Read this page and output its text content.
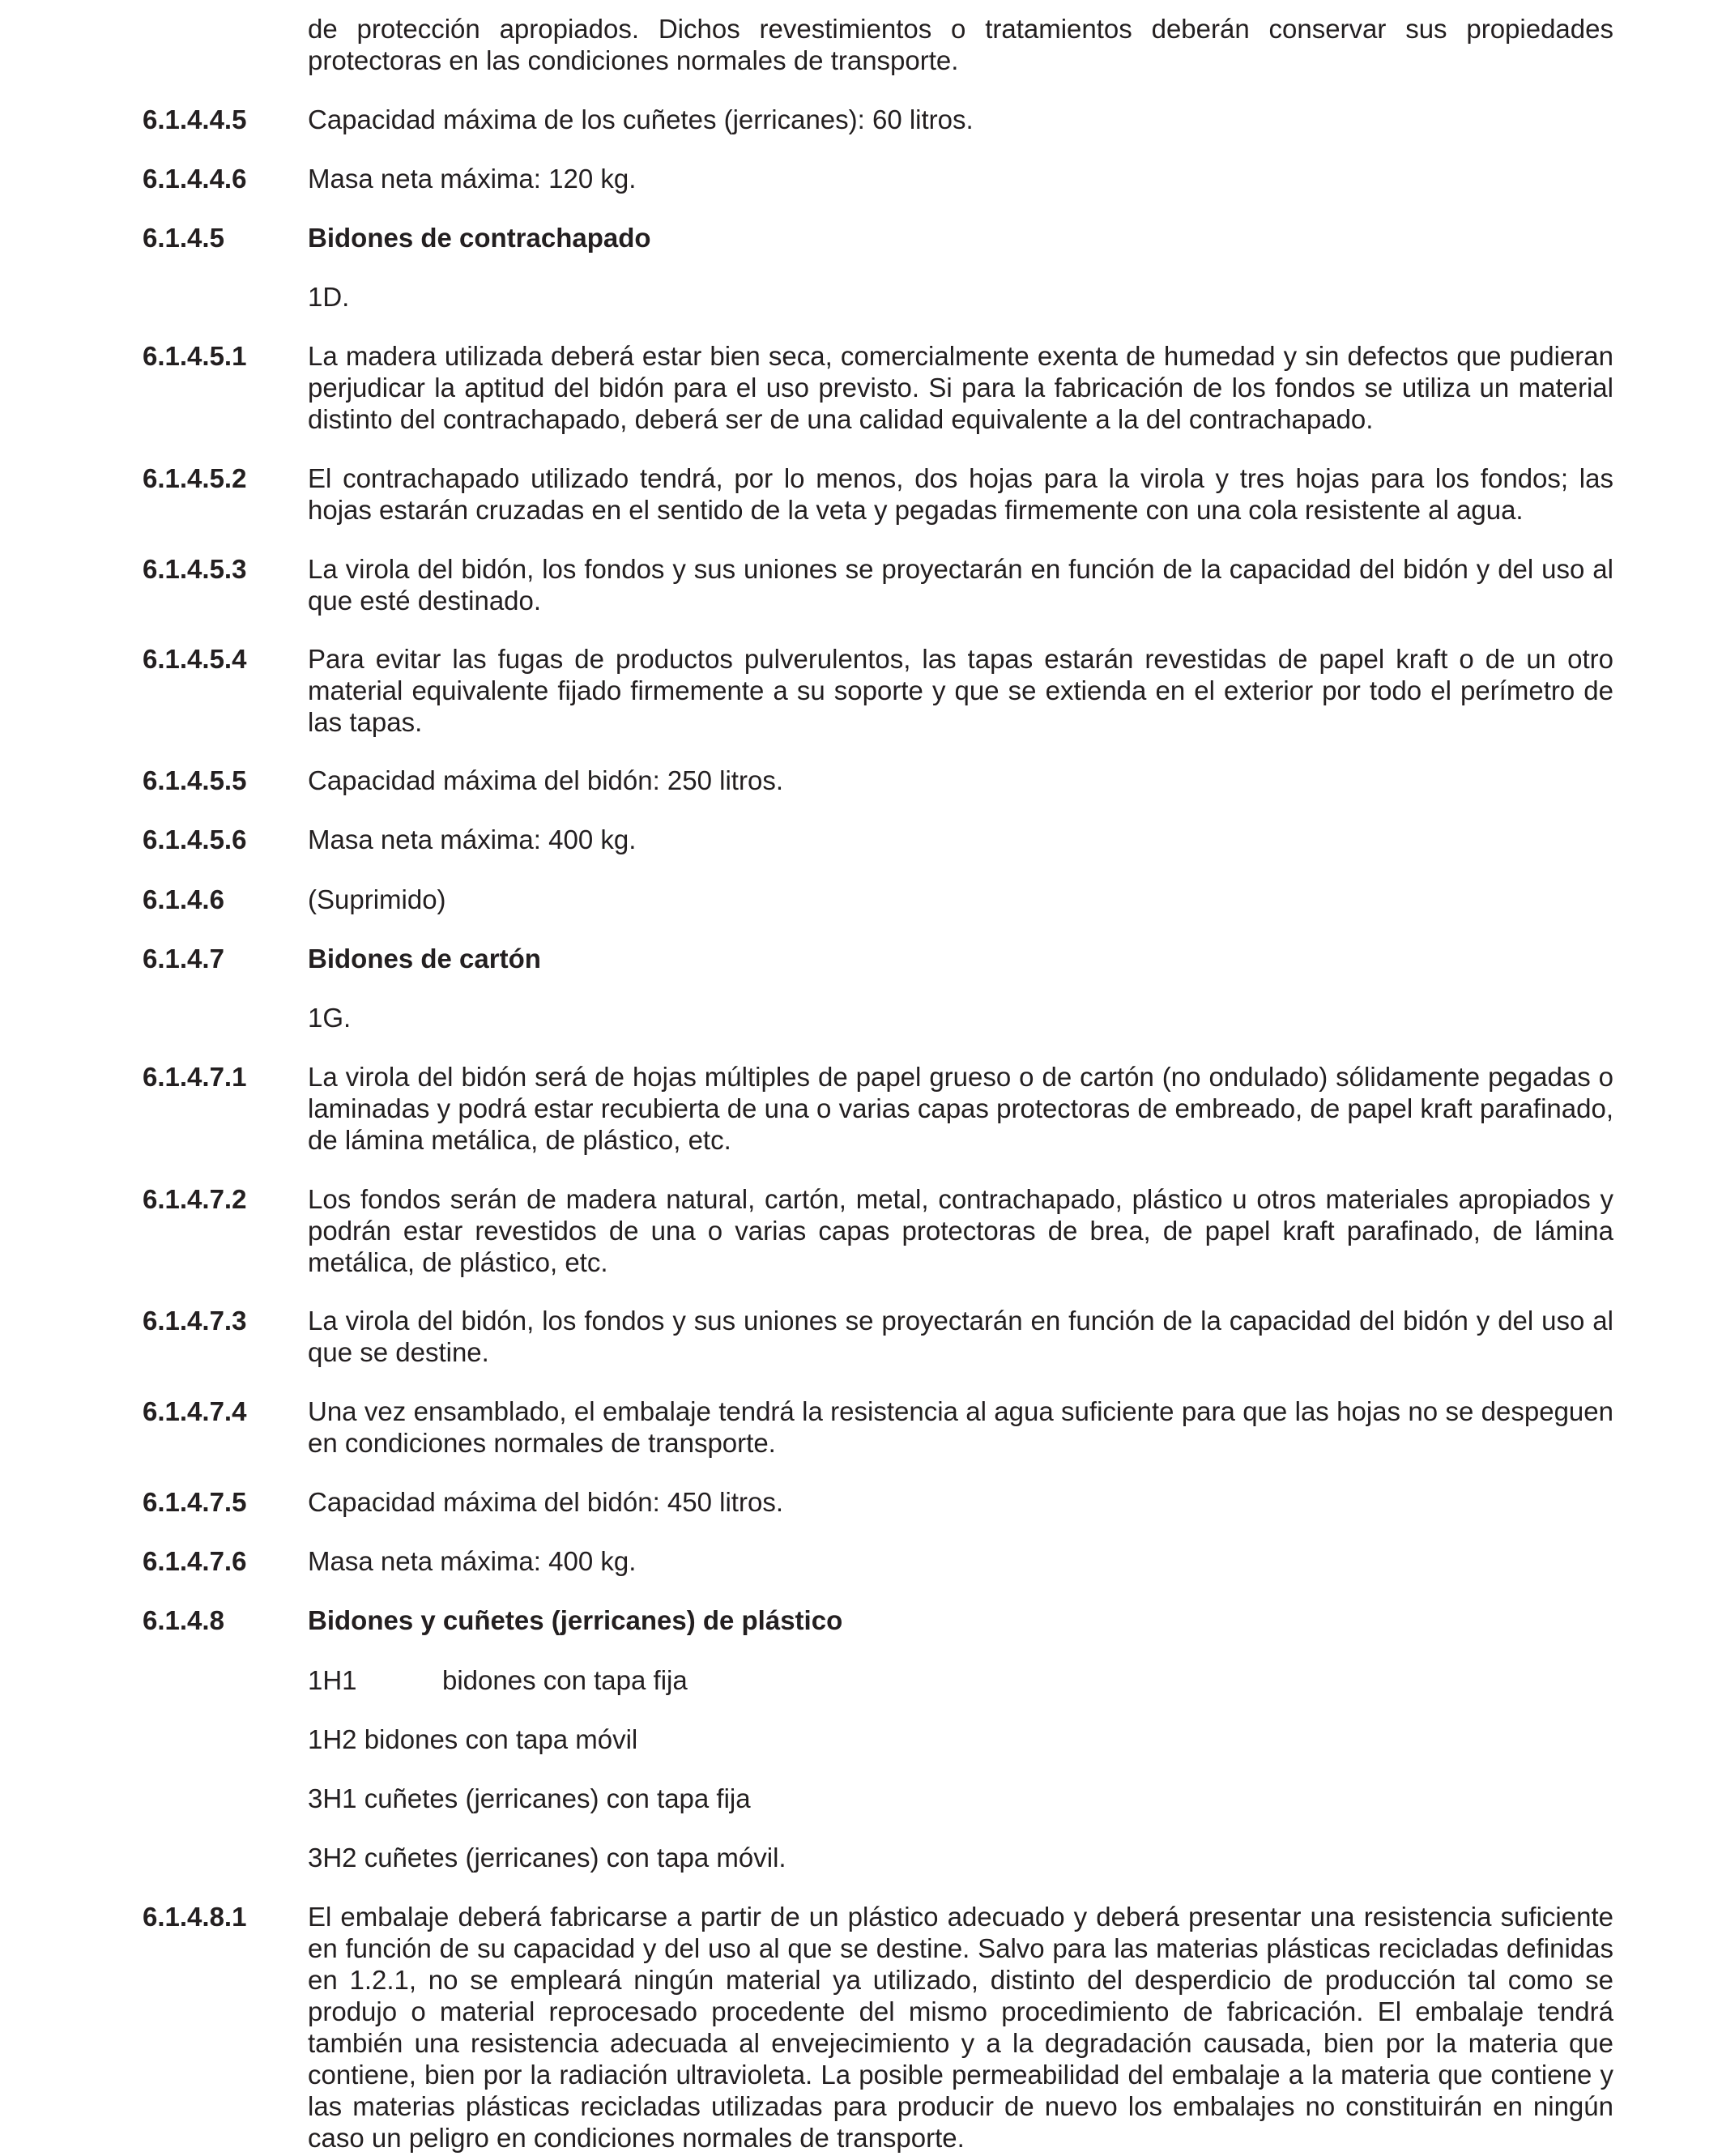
de protección apropiados. Dichos revestimientos o tratamientos deberán conservar sus propiedades protectoras en las condiciones normales de transporte.
6.1.4.4.5 Capacidad máxima de los cuñetes (jerricanes): 60 litros.
6.1.4.4.6 Masa neta máxima: 120 kg.
6.1.4.5	Bidones de contrachapado
1D.
6.1.4.5.1 La madera utilizada deberá estar bien seca, comercialmente exenta de humedad y sin defectos que pudieran perjudicar la aptitud del bidón para el uso previsto. Si para la fabricación de los fondos se utiliza un material distinto del contrachapado, deberá ser de una calidad equivalente a la del contrachapado.
6.1.4.5.2 El contrachapado utilizado tendrá, por lo menos, dos hojas para la virola y tres hojas para los fondos; las hojas estarán cruzadas en el sentido de la veta y pegadas firmemente con una cola resistente al agua.
6.1.4.5.3 La virola del bidón, los fondos y sus uniones se proyectarán en función de la capacidad del bidón y del uso al que esté destinado.
6.1.4.5.4 Para evitar las fugas de productos pulverulentos, las tapas estarán revestidas de papel kraft o de un otro material equivalente fijado firmemente a su soporte y que se extienda en el exterior por todo el perímetro de las tapas.
6.1.4.5.5 Capacidad máxima del bidón: 250 litros.
6.1.4.5.6 Masa neta máxima: 400 kg.
6.1.4.6	(Suprimido)
6.1.4.7	Bidones de cartón
1G.
6.1.4.7.1 La virola del bidón será de hojas múltiples de papel grueso o de cartón (no ondulado) sólidamente pegadas o laminadas y podrá estar recubierta de una o varias capas protectoras de embreado, de papel kraft parafinado, de lámina metálica, de plástico, etc.
6.1.4.7.2 Los fondos serán de madera natural, cartón, metal, contrachapado, plástico u otros materiales apropiados y podrán estar revestidos de una o varias capas protectoras de brea, de papel kraft parafinado, de lámina metálica, de plástico, etc.
6.1.4.7.3 La virola del bidón, los fondos y sus uniones se proyectarán en función de la capacidad del bidón y del uso al que se destine.
6.1.4.7.4 Una vez ensamblado, el embalaje tendrá la resistencia al agua suficiente para que las hojas no se despeguen en condiciones normales de transporte.
6.1.4.7.5 Capacidad máxima del bidón: 450 litros.
6.1.4.7.6 Masa neta máxima: 400 kg.
6.1.4.8	Bidones y cuñetes (jerricanes) de plástico
1H1	bidones con tapa fija
1H2 bidones con tapa móvil
3H1 cuñetes (jerricanes) con tapa fija
3H2 cuñetes (jerricanes) con tapa móvil.
6.1.4.8.1 El embalaje deberá fabricarse a partir de un plástico adecuado y deberá presentar una resistencia suficiente en función de su capacidad y del uso al que se destine. Salvo para las materias plásticas recicladas definidas en 1.2.1, no se empleará ningún material ya utilizado, distinto del desperdicio de producción tal como se produjo o material reprocesado procedente del mismo procedimiento de fabricación. El embalaje tendrá también una resistencia adecuada al envejecimiento y a la degradación causada, bien por la materia que contiene, bien por la radiación ultravioleta. La posible permeabilidad del embalaje a la materia que contiene y las materias plásticas recicladas utilizadas para producir de nuevo los embalajes no constituirán en ningún caso un peligro en condiciones normales de transporte.
